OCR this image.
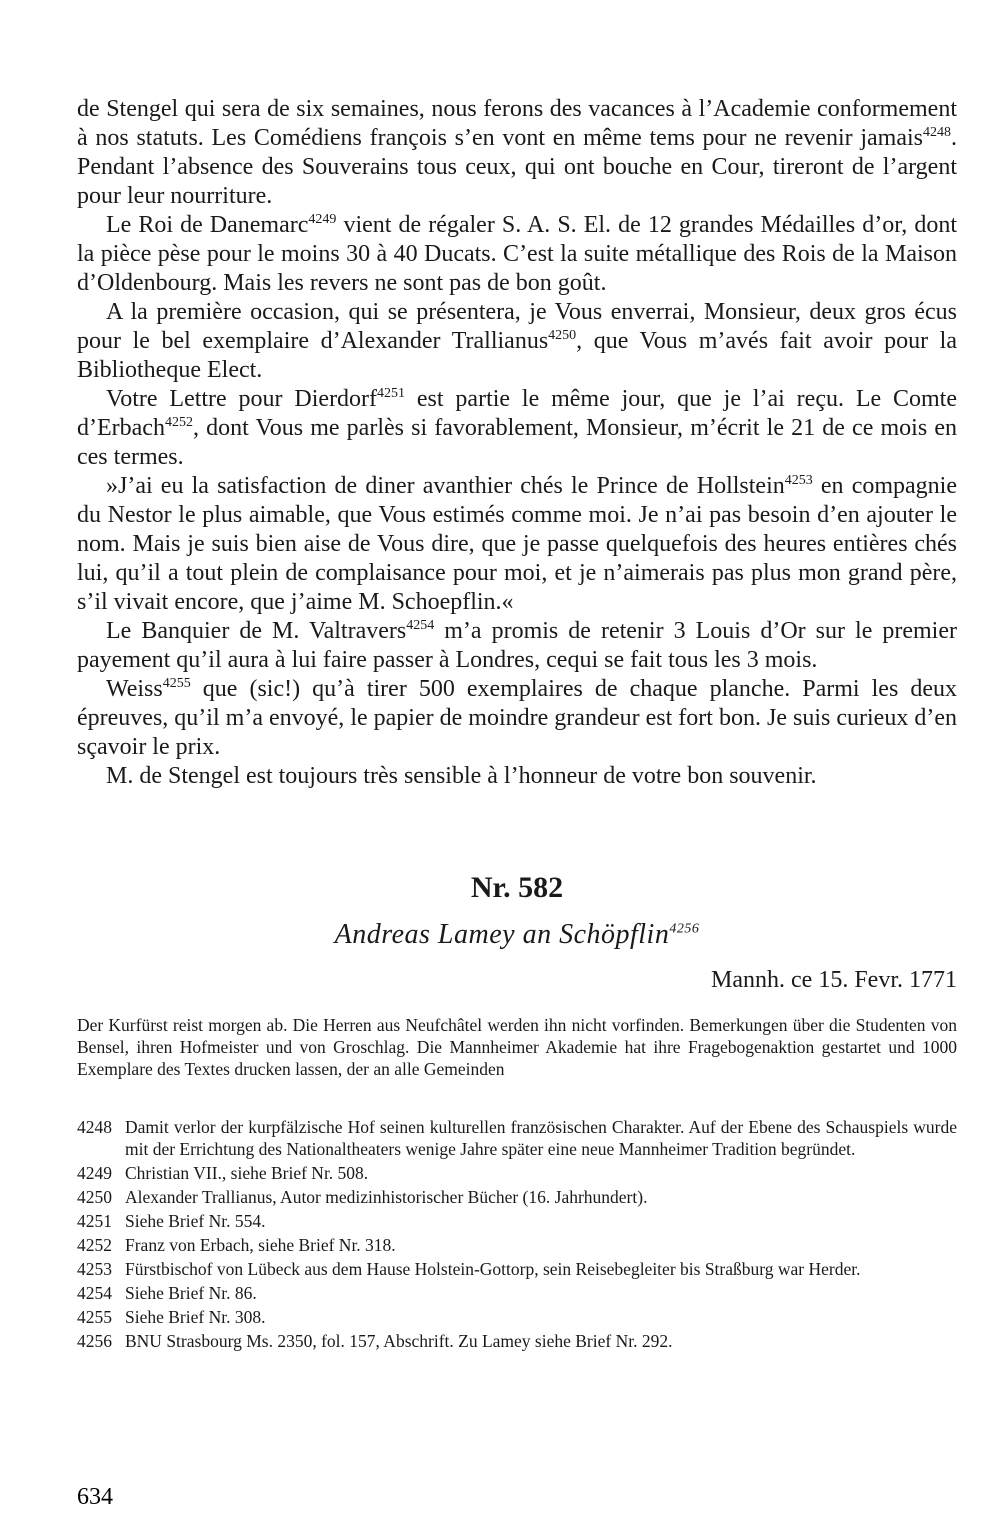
de Stengel qui sera de six semaines, nous ferons des vacances à l’Academie conformement à nos statuts. Les Comédiens françois s’en vont en même tems pour ne revenir jamais$^{4248}$. Pendant l’absence des Souverains tous ceux, qui ont bouche en Cour, tireront de l’argent pour leur nourriture.

Le Roi de Danemarc$^{4249}$ vient de régaler S. A. S. El. de 12 grandes Médailles d’or, dont la pièce pèse pour le moins 30 à 40 Ducats. C’est la suite métallique des Rois de la Maison d’Oldenbourg. Mais les revers ne sont pas de bon goût.

A la première occasion, qui se présentera, je Vous enverrai, Monsieur, deux gros écus pour le bel exemplaire d’Alexander Trallianus$^{4250}$, que Vous m’avés fait avoir pour la Bibliotheque Elect.

Votre Lettre pour Dierdorf$^{4251}$ est partie le même jour, que je l’ai reçu. Le Comte d’Erbach$^{4252}$, dont Vous me parlès si favorablement, Monsieur, m’écrit le 21 de ce mois en ces termes.

»J’ai eu la satisfaction de diner avanthier chés le Prince de Hollstein$^{4253}$ en compagnie du Nestor le plus aimable, que Vous estimés comme moi. Je n’ai pas besoin d’en ajouter le nom. Mais je suis bien aise de Vous dire, que je passe quelquefois des heures entières chés lui, qu’il a tout plein de complaisance pour moi, et je n’aimerais pas plus mon grand père, s’il vivait encore, que j’aime M. Schoepflin.«

Le Banquier de M. Valtravers$^{4254}$ m’a promis de retenir 3 Louis d’Or sur le premier payement qu’il aura à lui faire passer à Londres, cequi se fait tous les 3 mois.

Weiss$^{4255}$ que (sic!) qu’à tirer 500 exemplaires de chaque planche. Parmi les deux épreuves, qu’il m’a envoyé, le papier de moindre grandeur est fort bon. Je suis curieux d’en sçavoir le prix.

M. de Stengel est toujours très sensible à l’honneur de votre bon souvenir.

Nr. 582
Andreas Lamey an Schöpflin$^{4256}$
Mannh. ce 15. Fevr. 1771
Der Kurfürst reist morgen ab. Die Herren aus Neufchâtel werden ihn nicht vorfinden. Bemerkungen über die Studenten von Bensel, ihren Hofmeister und von Groschlag. Die Mannheimer Akademie hat ihre Fragebogenaktion gestartet und 1000 Exemplare des Textes drucken lassen, der an alle Gemeinden
4248 Damit verlor der kurpfälzische Hof seinen kulturellen französischen Charakter. Auf der Ebene des Schauspiels wurde mit der Errichtung des Nationaltheaters wenige Jahre später eine neue Mannheimer Tradition begründet.
4249 Christian VII., siehe Brief Nr. 508.
4250 Alexander Trallianus, Autor medizinhistorischer Bücher (16. Jahrhundert).
4251 Siehe Brief Nr. 554.
4252 Franz von Erbach, siehe Brief Nr. 318.
4253 Fürstbischof von Lübeck aus dem Hause Holstein-Gottorp, sein Reisebegleiter bis Straßburg war Herder.
4254 Siehe Brief Nr. 86.
4255 Siehe Brief Nr. 308.
4256 BNU Strasbourg Ms. 2350, fol. 157, Abschrift. Zu Lamey siehe Brief Nr. 292.
634
